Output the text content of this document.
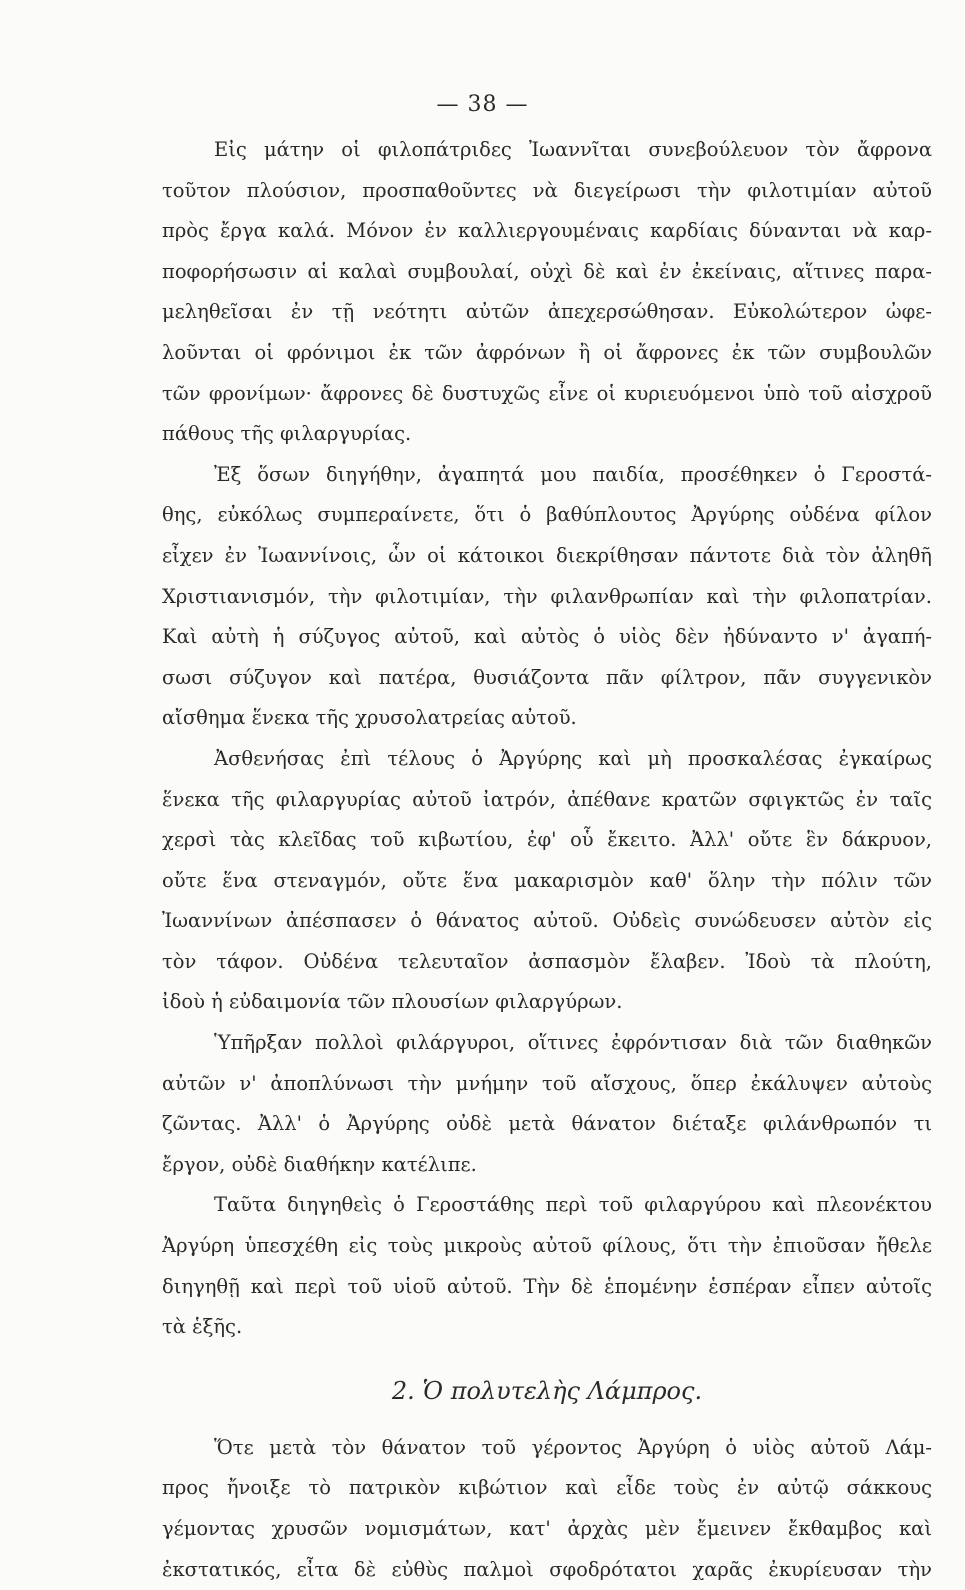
— 38 —
Εἰς μάτην οἱ φιλοπάτριδες Ἰωαννῖται συνεβούλευον τὸν ἄφρονα
τοῦτον πλούσιον, προσπαθοῦντες νὰ διεγείρωσι τὴν φιλοτιμίαν αὐτοῦ
πρὸς ἔργα καλά. Μόνον ἐν καλλιεργουμέναις καρδίαις δύνανται νὰ καρ-
ποφορήσωσιν αἱ καλαὶ συμβουλαί, οὐχὶ δὲ καὶ ἐν ἐκείναις, αἵτινες παρα-
μεληθεῖσαι ἐν τῇ νεότητι αὐτῶν ἀπεχερσώθησαν. Εὐκολώτερον ὠφε-
λοῦνται οἱ φρόνιμοι ἐκ τῶν ἀφρόνων ἢ οἱ ἄφρονες ἐκ τῶν συμβουλῶν
τῶν φρονίμων· ἄφρονες δὲ δυστυχῶς εἶνε οἱ κυριευόμενοι ὑπὸ τοῦ αἰσχροῦ
πάθους τῆς φιλαργυρίας.
Ἐξ ὅσων διηγήθην, ἀγαπητά μου παιδία, προσέθηκεν ὁ Γεροστά-
θης, εὐκόλως συμπεραίνετε, ὅτι ὁ βαθύπλουτος Ἀργύρης οὐδένα φίλον
εἶχεν ἐν Ἰωαννίνοις, ὧν οἱ κάτοικοι διεκρίθησαν πάντοτε διὰ τὸν ἀληθῆ
Χριστιανισμόν, τὴν φιλοτιμίαν, τὴν φιλανθρωπίαν καὶ τὴν φιλοπατρίαν.
Καὶ αὐτὴ ἡ σύζυγος αὐτοῦ, καὶ αὐτὸς ὁ υἱὸς δὲν ἠδύναντο ν' ἀγαπή-
σωσι σύζυγον καὶ πατέρα, θυσιάζοντα πᾶν φίλτρον, πᾶν συγγενικὸν
αἴσθημα ἕνεκα τῆς χρυσολατρείας αὐτοῦ.
Ἀσθενήσας ἐπὶ τέλους ὁ Ἀργύρης καὶ μὴ προσκαλέσας ἐγκαίρως
ἕνεκα τῆς φιλαργυρίας αὐτοῦ ἰατρόν, ἀπέθανε κρατῶν σφιγκτῶς ἐν ταῖς
χερσὶ τὰς κλεῖδας τοῦ κιβωτίου, ἐφ' οὗ ἔκειτο. Ἀλλ' οὔτε ἓν δάκρυον,
οὔτε ἕνα στεναγμόν, οὔτε ἕνα μακαρισμὸν καθ' ὅλην τὴν πόλιν τῶν
Ἰωαννίνων ἀπέσπασεν ὁ θάνατος αὐτοῦ. Οὐδεὶς συνώδευσεν αὐτὸν εἰς
τὸν τάφον. Οὐδένα τελευταῖον ἀσπασμὸν ἔλαβεν. Ἰδοὺ τὰ πλούτη,
ἰδοὺ ἡ εὐδαιμονία τῶν πλουσίων φιλαργύρων.
Ὑπῆρξαν πολλοὶ φιλάργυροι, οἵτινες ἐφρόντισαν διὰ τῶν διαθηκῶν
αὐτῶν ν' ἀποπλύνωσι τὴν μνήμην τοῦ αἴσχους, ὅπερ ἐκάλυψεν αὐτοὺς
ζῶντας. Ἀλλ' ὁ Ἀργύρης οὐδὲ μετὰ θάνατον διέταξε φιλάνθρωπόν τι
ἔργον, οὐδὲ διαθήκην κατέλιπε.
Ταῦτα διηγηθεὶς ὁ Γεροστάθης περὶ τοῦ φιλαργύρου καὶ πλεονέκτου
Ἀργύρη ὑπεσχέθη εἰς τοὺς μικροὺς αὐτοῦ φίλους, ὅτι τὴν ἐπιοῦσαν ἤθελε
διηγηθῇ καὶ περὶ τοῦ υἱοῦ αὐτοῦ. Τὴν δὲ ἑπομένην ἑσπέραν εἶπεν αὐτοῖς
τὰ ἑξῆς.
2. Ὁ πολυτελὴς Λάμπρος.
Ὅτε μετὰ τὸν θάνατον τοῦ γέροντος Ἀργύρη ὁ υἱὸς αὐτοῦ Λάμ-
προς ἤνοιξε τὸ πατρικὸν κιβώτιον καὶ εἶδε τοὺς ἐν αὐτῷ σάκκους
γέμοντας χρυσῶν νομισμάτων, κατ' ἀρχὰς μὲν ἔμεινεν ἔκθαμβος καὶ
ἐκστατικός, εἶτα δὲ εὐθὺς παλμοὶ σφοδρότατοι χαρᾶς ἐκυρίευσαν τὴν
